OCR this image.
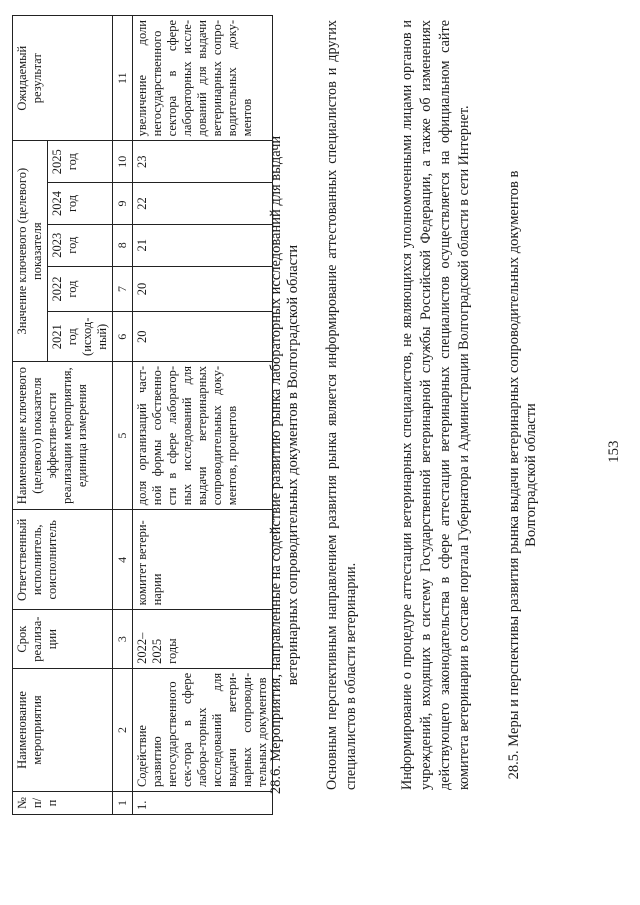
153
28.5. Меры и перспективы развития рынка выдачи ветеринарных сопроводительных документов в Волгоградской области
Информирование о процедуре аттестации ветеринарных специалистов, не являющихся уполномоченными лицами органов и учреждений, входящих в систему Государственной ветеринарной службы Российской Федерации, а также об изменениях действующего законодательства в сфере аттестации ветеринарных специалистов осуществляется на официальном сайте комитета ветеринарии в составе портала Губернатора и Администрации Волгоградской области в сети Интернет.
Основным перспективным направлением развития рынка является информирование аттестованных специалистов и других специалистов в области ветеринарии.
28.6. Мероприятия, направленные на содействие развитию рынка лабораторных исследований для выдачи ветеринарных сопроводительных документов в Волгоградской области
№ п/п	Наименование мероприятия	Срок реализа-ции	Ответственный исполнитель, соисполнитель	Наименование ключевого (целевого) показателя эффектив-ности реализации мероприятия, единица измерения	Значение ключевого (целевого) показателя					Ожидаемый результат
					2021 год (исход-ный)	2022 год	2023 год	2024 год	2025 год	
1	2	3	4	5	6	7	8	9	10	11
1.	Содействие развитию негосударственного сек-тора в сфере лабора-торных исследований для выдачи ветери-нарных сопроводи-тельных документов	2022–2025 годы	комитет ветери-нарии	доля организаций част-ной формы собственно-сти в сфере лаборатор-ных исследований для выдачи ветеринарных сопроводительных доку-ментов, процентов	20	20	21	22	23	увеличение доли негосударственного сектора в сфере лабораторных иссле-дований для выдачи ветеринарных сопро-водительных доку-ментов
